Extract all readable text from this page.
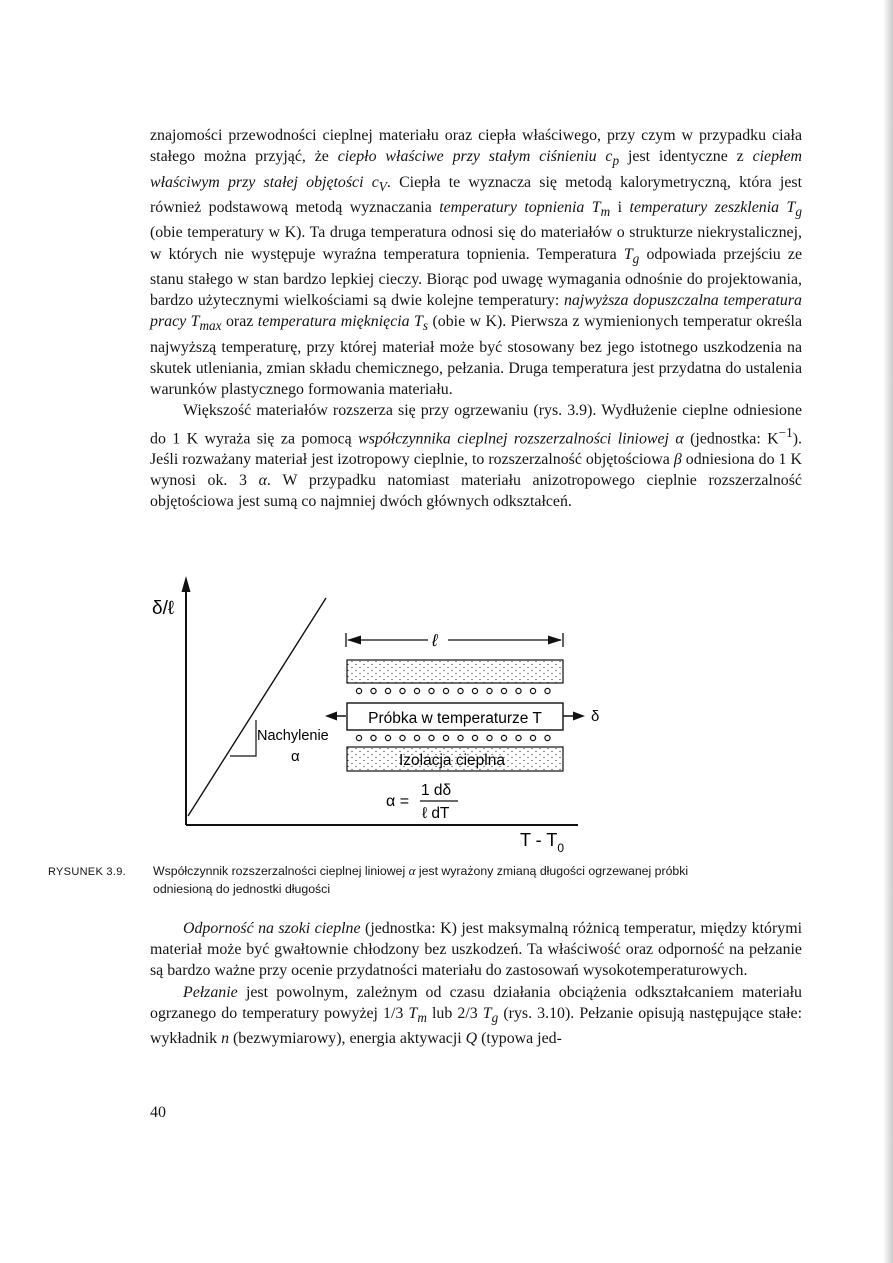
znajomości przewodności cieplnej materiału oraz ciepła właściwego, przy czym w przypadku ciała stałego można przyjąć, że ciepło właściwe przy stałym ciśnieniu $c_p$ jest identyczne z ciepłem właściwym przy stałej objętości $c_V$. Ciepła te wyznacza się metodą kalorymetryczną, która jest również podstawową metodą wyznaczania temperatury topnienia $T_m$ i temperatury zeszklenia $T_g$ (obie temperatury w K). Ta druga temperatura odnosi się do materiałów o strukturze niekrystalicznej, w których nie występuje wyraźna temperatura topnienia. Temperatura $T_g$ odpowiada przejściu ze stanu stałego w stan bardzo lepkiej cieczy. Biorąc pod uwagę wymagania odnośnie do projektowania, bardzo użytecznymi wielkościami są dwie kolejne temperatury: najwyższa dopuszczalna temperatura pracy $T_{max}$ oraz temperatura mięknięcia $T_s$ (obie w K). Pierwsza z wymienionych temperatur określa najwyższą temperaturę, przy której materiał może być stosowany bez jego istotnego uszkodzenia na skutek utleniania, zmian składu chemicznego, pełzania. Druga temperatura jest przydatna do ustalenia warunków plastycznego formowania materiału.

Większość materiałów rozszerza się przy ogrzewaniu (rys. 3.9). Wydłużenie cieplne odniesione do 1 K wyraża się za pomocą współczynnika cieplnej rozszerzalności liniowej α (jednostka: $K^{-1}$). Jeśli rozważany materiał jest izotropowy cieplnie, to rozszerzalność objętościowa β odniesiona do 1 K wynosi ok. 3 α. W przypadku natomiast materiału anizotropowego cieplnie rozszerzalność objętościowa jest sumą co najmniej dwóch głównych odkształceń.

δ/ℓ
T - $T_0$
Nachylenie
α
ℓ
Próbka w temperaturze T	δ
Izolacja cieplna
α =
1 dδ
ℓ dT
RYSUNEK 3.9. Współczynnik rozszerzalności cieplnej liniowej α jest wyrażony zmianą długości ogrzewanej próbki odniesioną do jednostki długości

Odporność na szoki cieplne (jednostka: K) jest maksymalną różnicą temperatur, między którymi materiał może być gwałtownie chłodzony bez uszkodzeń. Ta właściwość oraz odporność na pełzanie są bardzo ważne przy ocenie przydatności materiału do zastosowań wysokotemperaturowych.

Pełzanie jest powolnym, zależnym od czasu działania obciążenia odkształcaniem materiału ogrzanego do temperatury powyżej 1/3 $T_m$ lub 2/3 $T_g$ (rys. 3.10). Pełzanie opisują następujące stałe: wykładnik n (bezwymiarowy), energia aktywacji Q (typowa jed-

40
